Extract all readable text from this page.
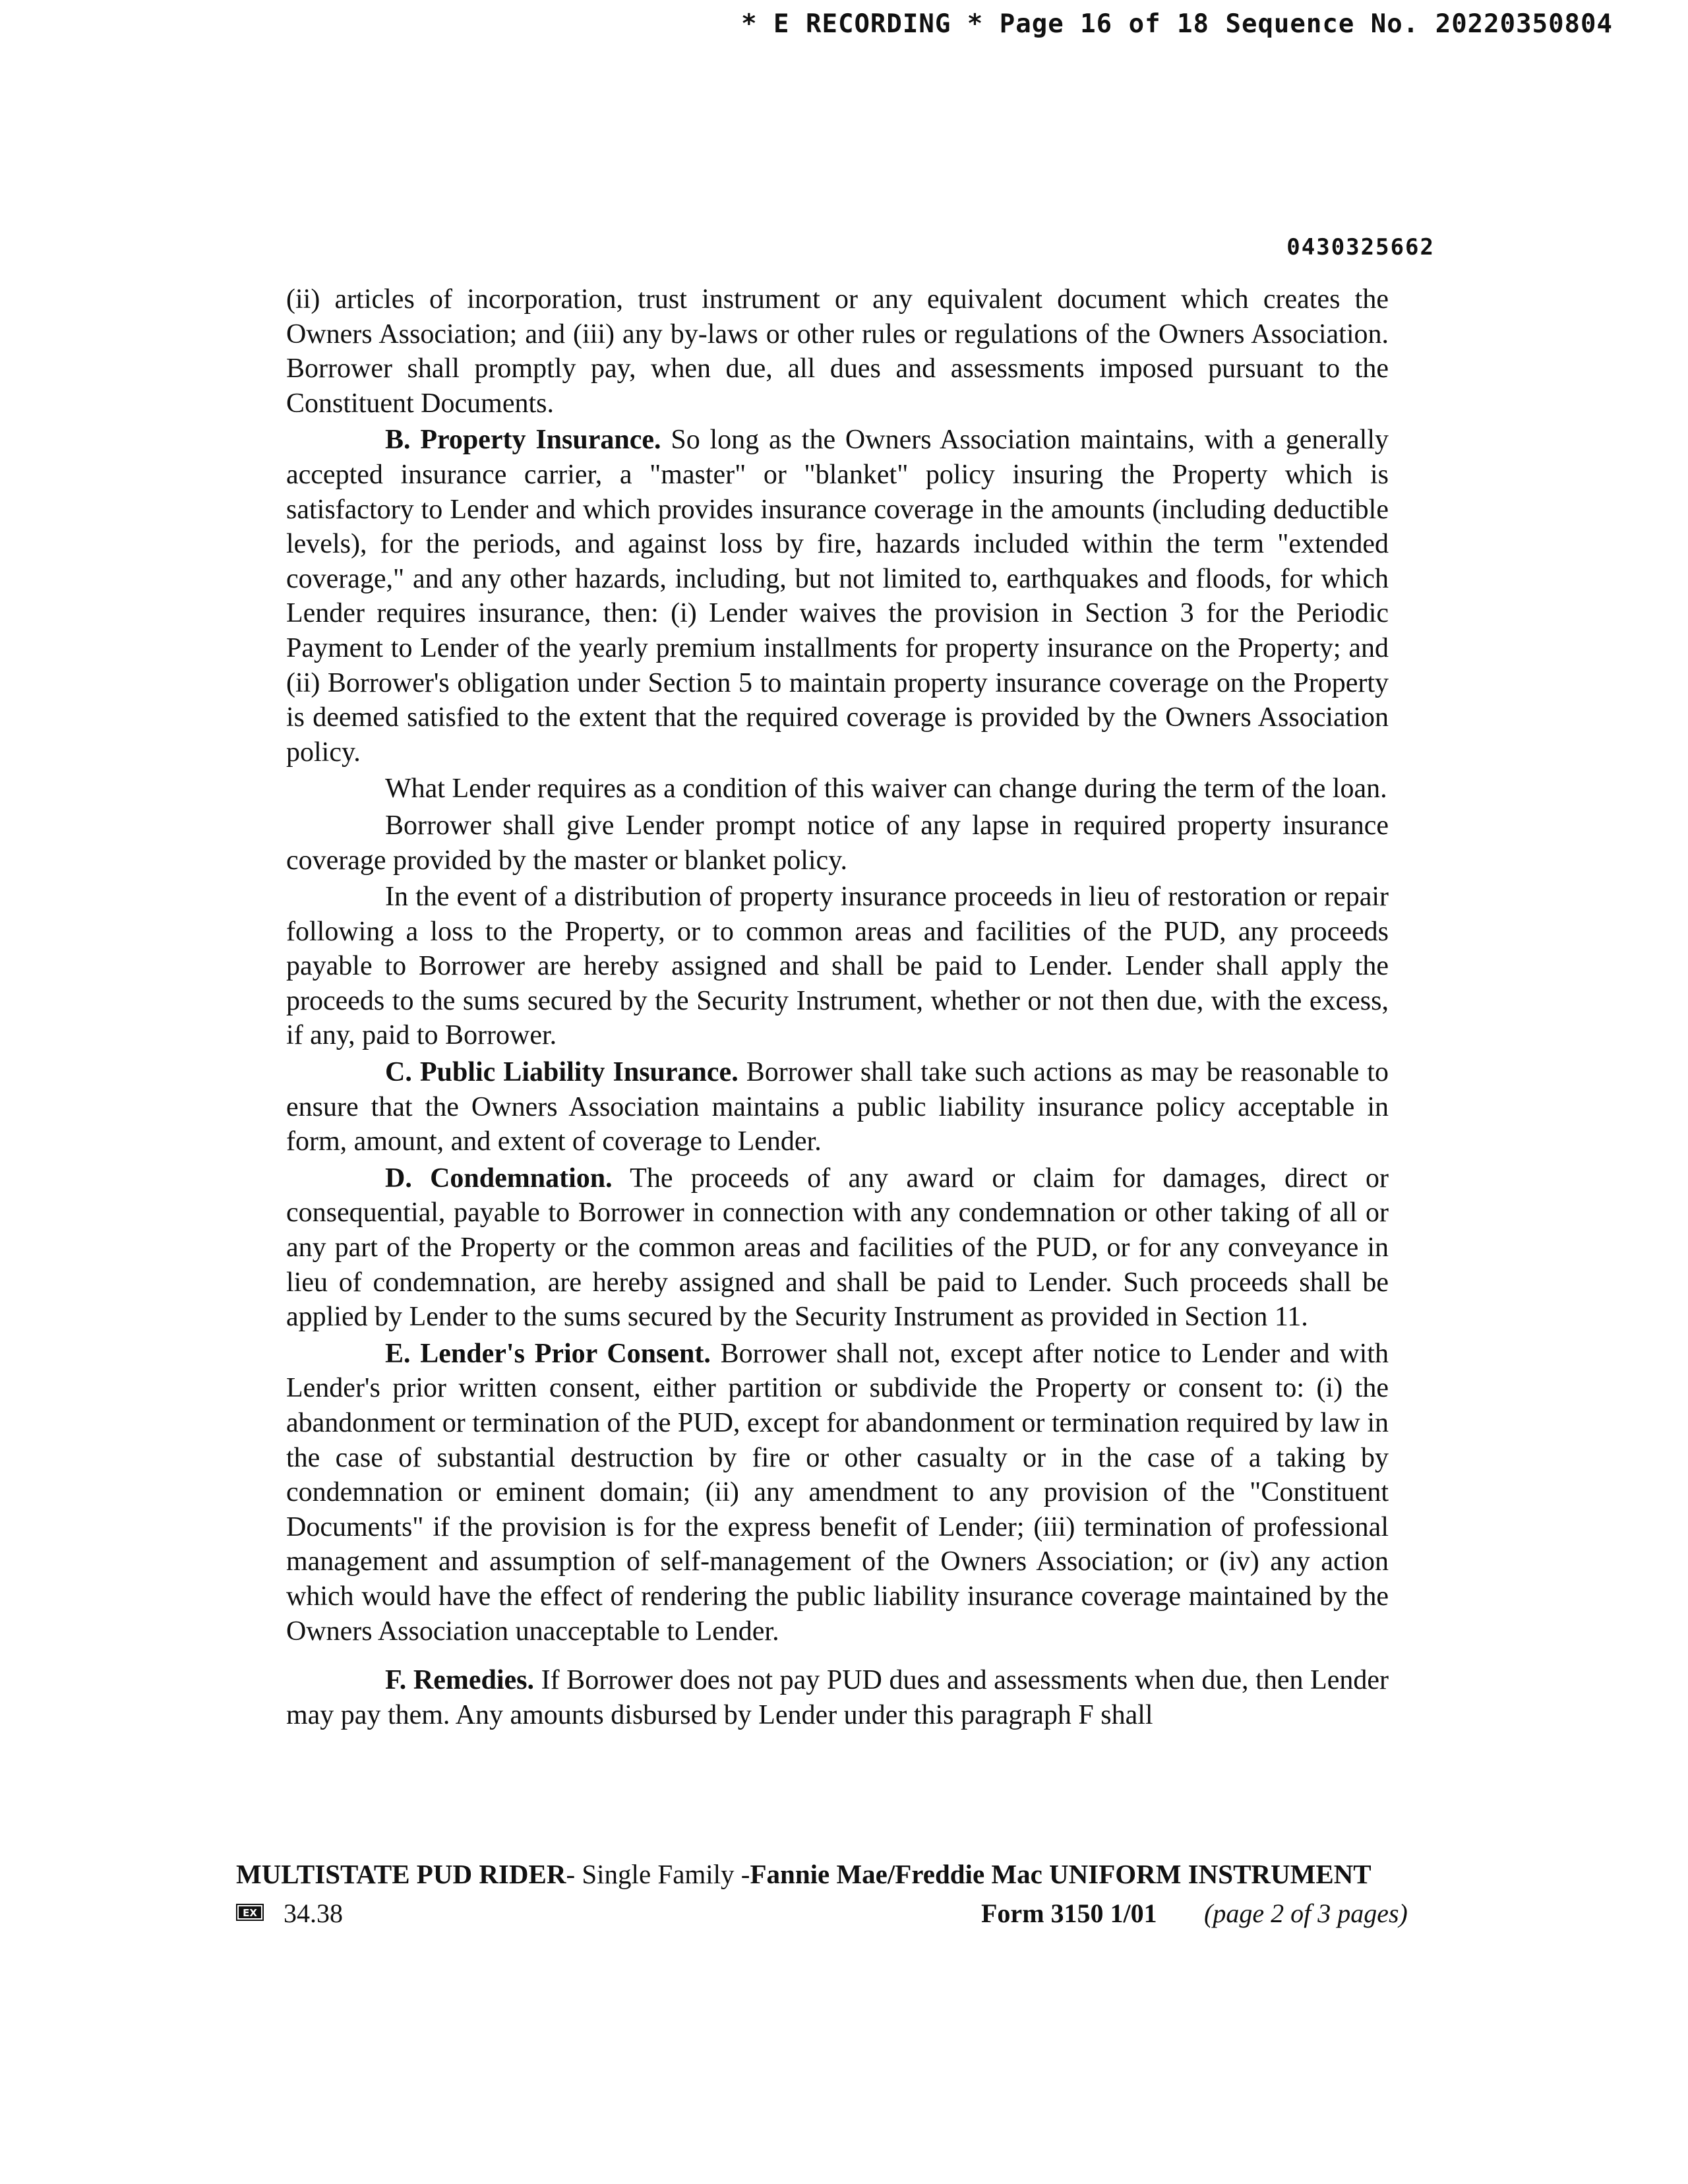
* E RECORDING * Page 16 of 18 Sequence No. 20220350804
0430325662

(ii) articles of incorporation, trust instrument or any equivalent document which creates the Owners Association; and (iii) any by-laws or other rules or regulations of the Owners Association. Borrower shall promptly pay, when due, all dues and assessments imposed pursuant to the Constituent Documents.

B. Property Insurance. So long as the Owners Association maintains, with a generally accepted insurance carrier, a "master" or "blanket" policy insuring the Property which is satisfactory to Lender and which provides insurance coverage in the amounts (including deductible levels), for the periods, and against loss by fire, hazards included within the term "extended coverage," and any other hazards, including, but not limited to, earthquakes and floods, for which Lender requires insurance, then: (i) Lender waives the provision in Section 3 for the Periodic Payment to Lender of the yearly premium installments for property insurance on the Property; and (ii) Borrower's obligation under Section 5 to maintain property insurance coverage on the Property is deemed satisfied to the extent that the required coverage is provided by the Owners Association policy.

What Lender requires as a condition of this waiver can change during the term of the loan.

Borrower shall give Lender prompt notice of any lapse in required property insurance coverage provided by the master or blanket policy.

In the event of a distribution of property insurance proceeds in lieu of restoration or repair following a loss to the Property, or to common areas and facilities of the PUD, any proceeds payable to Borrower are hereby assigned and shall be paid to Lender. Lender shall apply the proceeds to the sums secured by the Security Instrument, whether or not then due, with the excess, if any, paid to Borrower.

C. Public Liability Insurance. Borrower shall take such actions as may be reasonable to ensure that the Owners Association maintains a public liability insurance policy acceptable in form, amount, and extent of coverage to Lender.

D. Condemnation. The proceeds of any award or claim for damages, direct or consequential, payable to Borrower in connection with any condemnation or other taking of all or any part of the Property or the common areas and facilities of the PUD, or for any conveyance in lieu of condemnation, are hereby assigned and shall be paid to Lender. Such proceeds shall be applied by Lender to the sums secured by the Security Instrument as provided in Section 11.

E. Lender's Prior Consent. Borrower shall not, except after notice to Lender and with Lender's prior written consent, either partition or subdivide the Property or consent to: (i) the abandonment or termination of the PUD, except for abandonment or termination required by law in the case of substantial destruction by fire or other casualty or in the case of a taking by condemnation or eminent domain; (ii) any amendment to any provision of the "Constituent Documents" if the provision is for the express benefit of Lender; (iii) termination of professional management and assumption of self-management of the Owners Association; or (iv) any action which would have the effect of rendering the public liability insurance coverage maintained by the Owners Association unacceptable to Lender.

F. Remedies. If Borrower does not pay PUD dues and assessments when due, then Lender may pay them. Any amounts disbursed by Lender under this paragraph F shall

MULTISTATE PUD RIDER- Single Family -Fannie Mae/Freddie Mac UNIFORM INSTRUMENT
EX 34.38	Form 3150 1/01 (page 2 of 3 pages)
